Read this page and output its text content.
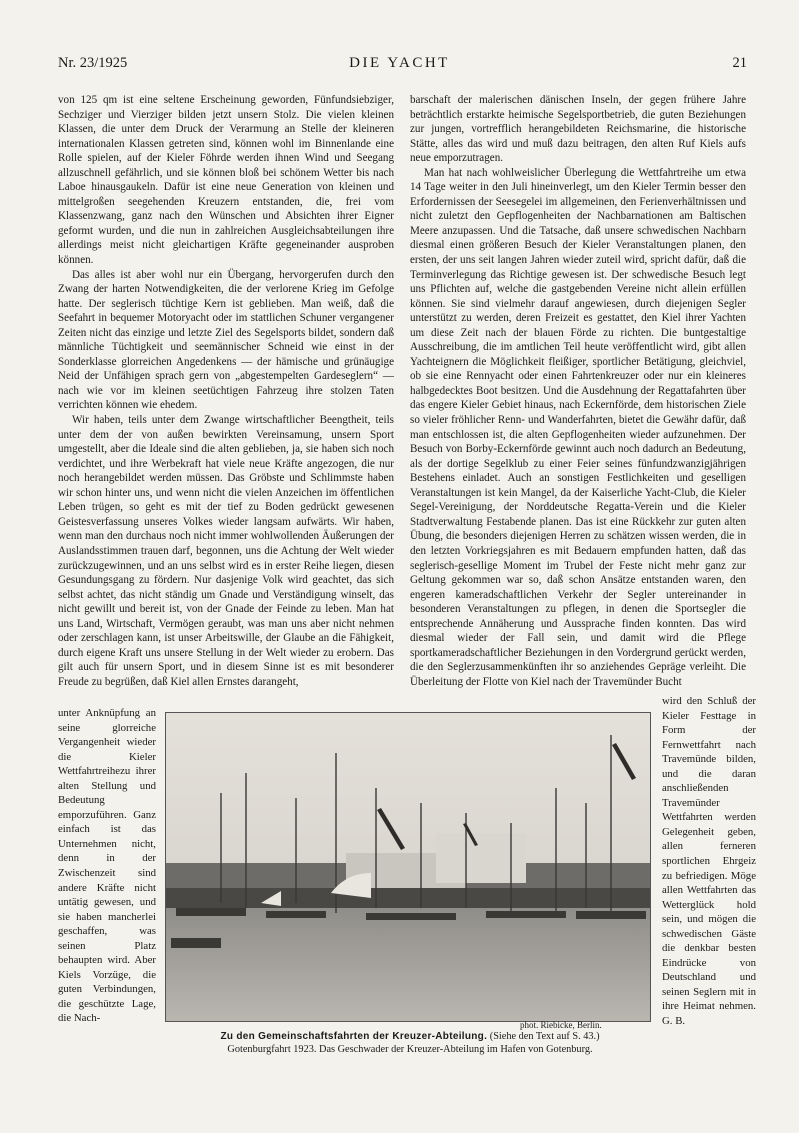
Nr. 23/1925	DIE YACHT	21

von 125 qm ist eine seltene Erscheinung geworden, Fünfundsiebziger, Sechziger und Vierziger bilden jetzt unsern Stolz. Die vielen kleinen Klassen, die unter dem Druck der Verarmung an Stelle der kleineren internationalen Klassen getreten sind, können wohl im Binnenlande eine Rolle spielen, auf der Kieler Föhrde werden ihnen Wind und Seegang allzuschnell gefährlich, und sie können bloß bei schönem Wetter bis nach Laboe hinausgaukeln. Dafür ist eine neue Generation von kleinen und mittelgroßen seegehenden Kreuzern entstanden, die, frei vom Klassenzwang, ganz nach den Wünschen und Absichten ihrer Eigner geformt wurden, und die nun in zahlreichen Ausgleichsabteilungen ihre allerdings meist nicht gleichartigen Kräfte gegeneinander ausproben können.

Das alles ist aber wohl nur ein Übergang, hervorgerufen durch den Zwang der harten Notwendigkeiten, die der verlorene Krieg im Gefolge hatte. Der seglerisch tüchtige Kern ist geblieben. Man weiß, daß die Seefahrt in bequemer Motoryacht oder im stattlichen Schuner vergangener Zeiten nicht das einzige und letzte Ziel des Segelsports bildet, sondern daß männliche Tüchtigkeit und seemännischer Schneid wie einst in der Sonderklasse glorreichen Angedenkens — der hämische und grünäugige Neid der Unfähigen sprach gern von „abgestempelten Gardeseglern“ — nach wie vor im kleinen seetüchtigen Fahrzeug ihre stolzen Taten verrichten können wie ehedem.

Wir haben, teils unter dem Zwange wirtschaftlicher Beengtheit, teils unter dem der von außen bewirkten Vereinsamung, unsern Sport umgestellt, aber die Ideale sind die alten geblieben, ja, sie haben sich noch verdichtet, und ihre Werbekraft hat viele neue Kräfte angezogen, die nur noch herangebildet werden müssen. Das Gröbste und Schlimmste haben wir schon hinter uns, und wenn nicht die vielen Anzeichen im öffentlichen Leben trügen, so geht es mit der tief zu Boden gedrückt gewesenen Geistesverfassung unseres Volkes wieder langsam aufwärts. Wir haben, wenn man den durchaus noch nicht immer wohlwollenden Äußerungen der Auslandsstimmen trauen darf, begonnen, uns die Achtung der Welt wieder zurückzugewinnen, und an uns selbst wird es in erster Reihe liegen, diesen Gesundungsgang zu fördern. Nur dasjenige Volk wird geachtet, das sich selbst achtet, das nicht ständig um Gnade und Verständigung winselt, das nicht gewillt und bereit ist, von der Gnade der Feinde zu leben. Man hat uns Land, Wirtschaft, Vermögen geraubt, was man uns aber nicht nehmen oder zerschlagen kann, ist unser Arbeitswille, der Glaube an die Fähigkeit, durch eigene Kraft uns unsere Stellung in der Welt wieder zu erobern. Das gilt auch für unsern Sport, und in diesem Sinne ist es mit besonderer Freude zu begrüßen, daß Kiel allen Ernstes darangeht,

barschaft der malerischen dänischen Inseln, der gegen frühere Jahre beträchtlich erstarkte heimische Segelsportbetrieb, die guten Beziehungen zur jungen, vortrefflich herangebildeten Reichsmarine, die historische Stätte, alles das wird und muß dazu beitragen, den alten Ruf Kiels aufs neue emporzutragen.

Man hat nach wohlweislicher Überlegung die Wettfahrtreihe um etwa 14 Tage weiter in den Juli hineinverlegt, um den Kieler Termin besser den Erfordernissen der Seesegelei im allgemeinen, den Ferienverhältnissen und nicht zuletzt den Gepflogenheiten der Nachbarnationen am Baltischen Meere anzupassen. Und die Tatsache, daß unsere schwedischen Nachbarn diesmal einen größeren Besuch der Kieler Veranstaltungen planen, den ersten, der uns seit langen Jahren wieder zuteil wird, spricht dafür, daß die Terminverlegung das Richtige gewesen ist. Der schwedische Besuch legt uns Pflichten auf, welche die gastgebenden Vereine nicht allein erfüllen können. Sie sind vielmehr darauf angewiesen, durch diejenigen Segler unterstützt zu werden, deren Freizeit es gestattet, den Kiel ihrer Yachten um diese Zeit nach der blauen Förde zu richten. Die buntgestaltige Ausschreibung, die im amtlichen Teil heute veröffentlicht wird, gibt allen Yachteignern die Möglichkeit fleißiger, sportlicher Betätigung, gleichviel, ob sie eine Rennyacht oder einen Fahrtenkreuzer oder nur ein kleineres halbgedecktes Boot besitzen. Und die Ausdehnung der Regattafahrten über das engere Kieler Gebiet hinaus, nach Eckernförde, dem historischen Ziele so vieler fröhlicher Renn- und Wanderfahrten, bietet die Gewähr dafür, daß man entschlossen ist, die alten Gepflogenheiten wieder aufzunehmen. Der Besuch von Borby-Eckernförde gewinnt auch noch dadurch an Bedeutung, als der dortige Segelklub zu einer Feier seines fünfundzwanzigjährigen Bestehens einladet. Auch an sonstigen Festlichkeiten und geselligen Veranstaltungen ist kein Mangel, da der Kaiserliche Yacht-Club, die Kieler Segel-Vereinigung, der Norddeutsche Regatta-Verein und die Kieler Stadtverwaltung Festabende planen. Das ist eine Rückkehr zur guten alten Übung, die besonders diejenigen Herren zu schätzen wissen werden, die in den letzten Vorkriegsjahren es mit Bedauern empfunden hatten, daß das seglerisch-gesellige Moment im Trubel der Feste nicht mehr ganz zur Geltung gekommen war so, daß schon Ansätze entstanden waren, den engeren kameradschaftlichen Verkehr der Segler untereinander in besonderen Veranstaltungen zu pflegen, in denen die Sportsegler die entsprechende Annäherung und Aussprache finden konnten. Das wird diesmal wieder der Fall sein, und damit wird die Pflege sportkameradschaftlicher Beziehungen in den Vordergrund gerückt werden, die den Seglerzusammenkünften ihr so anziehendes Gepräge verleiht. Die Überleitung der Flotte von Kiel nach der Travemünder Bucht

unter Anknüpfung an seine glorreiche Vergangenheit wieder die Kieler Wettfahrtreihezu ihrer alten Stellung und Bedeutung emporzuführen. Ganz einfach ist das Unternehmen nicht, denn in der Zwischenzeit sind andere Kräfte nicht untätig gewesen, und sie haben mancherlei geschaffen, was seinen Platz behaupten wird. Aber Kiels Vorzüge, die guten Verbindungen, die geschützte Lage, die Nach-
wird den Schluß der Kieler Festtage in Form der Fernwettfahrt nach Travemünde bilden, und die daran anschließenden Travemünder Wettfahrten werden Gelegenheit geben, allen ferneren sportlichen Ehrgeiz zu befriedigen. Möge allen Wettfahrten das Wetterglück hold sein, und mögen die schwedischen Gäste die denkbar besten Eindrücke von Deutschland und seinen Seglern mit in ihre Heimat nehmen. G. B.
phot. Riebicke, Berlin.
Zu den Gemeinschaftsfahrten der Kreuzer-Abteilung. (Siehe den Text auf S. 43.)
Gotenburgfahrt 1923. Das Geschwader der Kreuzer-Abteilung im Hafen von Gotenburg.
